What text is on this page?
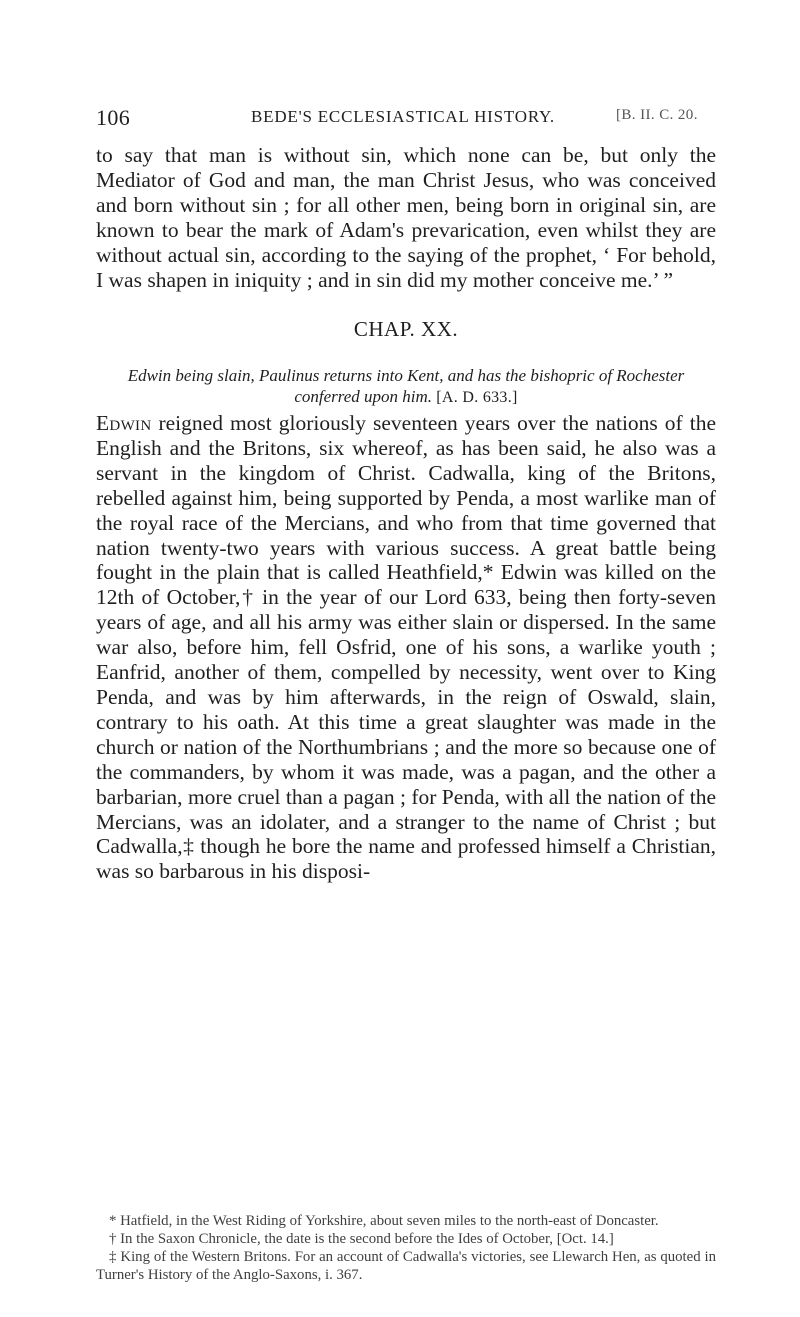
106	BEDE'S ECCLESIASTICAL HISTORY.	[B. II. C. 20.
to say that man is without sin, which none can be, but only the Mediator of God and man, the man Christ Jesus, who was conceived and born without sin ; for all other men, being born in original sin, are known to bear the mark of Adam's prevarication, even whilst they are without actual sin, according to the saying of the prophet, ‘ For behold, I was shapen in iniquity ; and in sin did my mother conceive me.’ ”
CHAP. XX.
Edwin being slain, Paulinus returns into Kent, and has the bishopric of Rochester conferred upon him. [A. D. 633.]
Edwin reigned most gloriously seventeen years over the nations of the English and the Britons, six whereof, as has been said, he also was a servant in the kingdom of Christ. Cadwalla, king of the Britons, rebelled against him, being supported by Penda, a most warlike man of the royal race of the Mercians, and who from that time governed that nation twenty-two years with various success. A great battle being fought in the plain that is called Heathfield,* Edwin was killed on the 12th of October,† in the year of our Lord 633, being then forty-seven years of age, and all his army was either slain or dispersed. In the same war also, before him, fell Osfrid, one of his sons, a warlike youth ; Eanfrid, another of them, compelled by necessity, went over to King Penda, and was by him afterwards, in the reign of Oswald, slain, contrary to his oath. At this time a great slaughter was made in the church or nation of the Northumbrians ; and the more so because one of the commanders, by whom it was made, was a pagan, and the other a barbarian, more cruel than a pagan ; for Penda, with all the nation of the Mercians, was an idolater, and a stranger to the name of Christ ; but Cadwalla,‡ though he bore the name and professed himself a Christian, was so barbarous in his disposi-

* Hatfield, in the West Riding of Yorkshire, about seven miles to the north-east of Doncaster.

† In the Saxon Chronicle, the date is the second before the Ides of October, [Oct. 14.]

‡ King of the Western Britons. For an account of Cadwalla's victories, see Llewarch Hen, as quoted in Turner's History of the Anglo-Saxons, i. 367.
